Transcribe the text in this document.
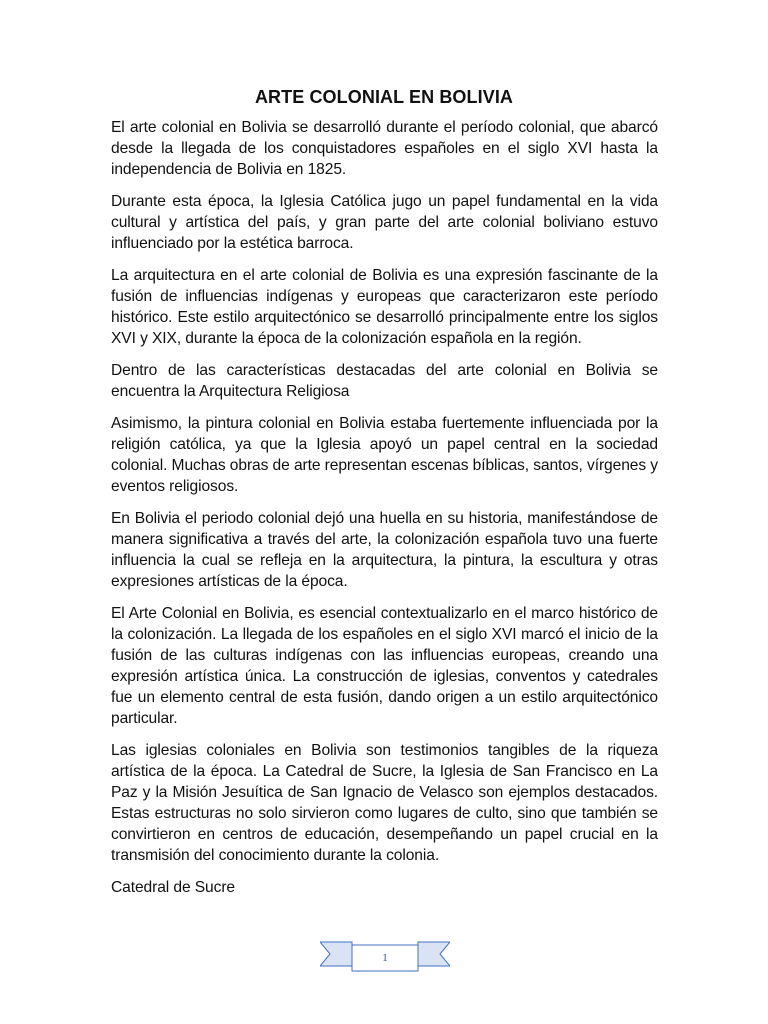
ARTE COLONIAL EN BOLIVIA

El arte colonial en Bolivia se desarrolló durante el período colonial, que abarcó desde la llegada de los conquistadores españoles en el siglo XVI hasta la independencia de Bolivia en 1825.

Durante esta época, la Iglesia Católica jugo un papel fundamental en la vida cultural y artística del país, y gran parte del arte colonial boliviano estuvo influenciado por la estética barroca.

La arquitectura en el arte colonial de Bolivia es una expresión fascinante de la fusión de influencias indígenas y europeas que caracterizaron este período histórico. Este estilo arquitectónico se desarrolló principalmente entre los siglos XVI y XIX, durante la época de la colonización española en la región.

Dentro de las características destacadas del arte colonial en Bolivia se encuentra la Arquitectura Religiosa

Asimismo, la pintura colonial en Bolivia estaba fuertemente influenciada por la religión católica, ya que la Iglesia apoyó un papel central en la sociedad colonial. Muchas obras de arte representan escenas bíblicas, santos, vírgenes y eventos religiosos.

En Bolivia el periodo colonial dejó una huella en su historia, manifestándose de manera significativa a través del arte, la colonización española tuvo una fuerte influencia la cual se refleja en la arquitectura, la pintura, la escultura y otras expresiones artísticas de la época.

El Arte Colonial en Bolivia, es esencial contextualizarlo en el marco histórico de la colonización. La llegada de los españoles en el siglo XVI marcó el inicio de la fusión de las culturas indígenas con las influencias europeas, creando una expresión artística única. La construcción de iglesias, conventos y catedrales fue un elemento central de esta fusión, dando origen a un estilo arquitectónico particular.

Las iglesias coloniales en Bolivia son testimonios tangibles de la riqueza artística de la época. La Catedral de Sucre, la Iglesia de San Francisco en La Paz y la Misión Jesuítica de San Ignacio de Velasco son ejemplos destacados. Estas estructuras no solo sirvieron como lugares de culto, sino que también se convirtieron en centros de educación, desempeñando un papel crucial en la transmisión del conocimiento durante la colonia.

Catedral de Sucre

1
